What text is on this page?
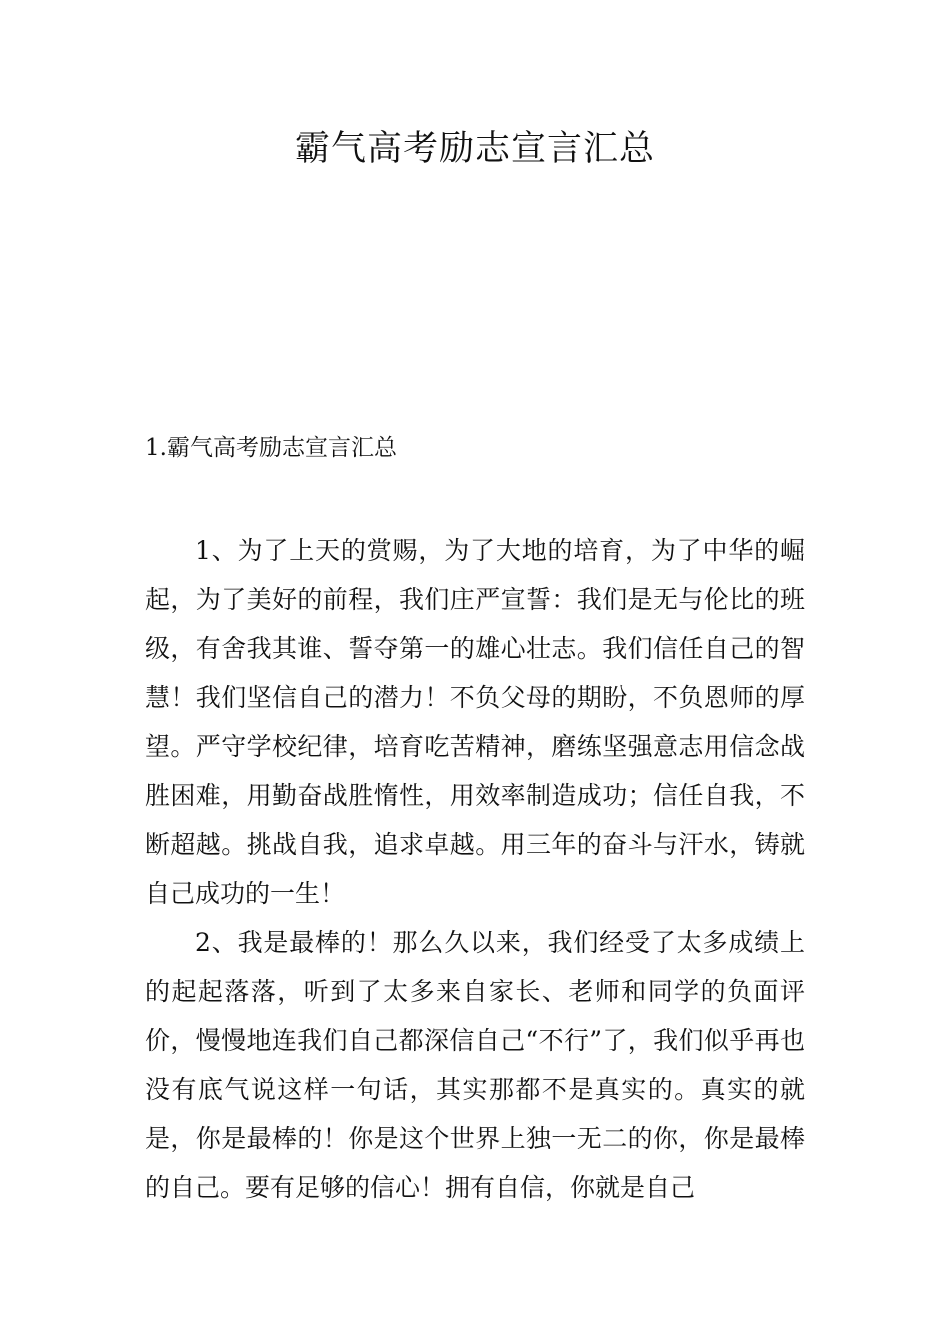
霸气高考励志宣言汇总
1.霸气高考励志宣言汇总

1、为了上天的赏赐，为了大地的培育，为了中华的崛起，为了美好的前程，我们庄严宣誓：我们是无与伦比的班级，有舍我其谁、誓夺第一的雄心壮志。我们信任自己的智慧！我们坚信自己的潜力！不负父母的期盼，不负恩师的厚望。严守学校纪律，培育吃苦精神，磨练坚强意志用信念战胜困难，用勤奋战胜惰性，用效率制造成功；信任自我，不断超越。挑战自我，追求卓越。用三年的奋斗与汗水，铸就自己成功的一生！

2、我是最棒的！那么久以来，我们经受了太多成绩上的起起落落，听到了太多来自家长、老师和同学的负面评价，慢慢地连我们自己都深信自己“不行”了，我们似乎再也没有底气说这样一句话，其实那都不是真实的。真实的就是，你是最棒的！你是这个世界上独一无二的你，你是最棒的自己。要有足够的信心！拥有自信，你就是自己
